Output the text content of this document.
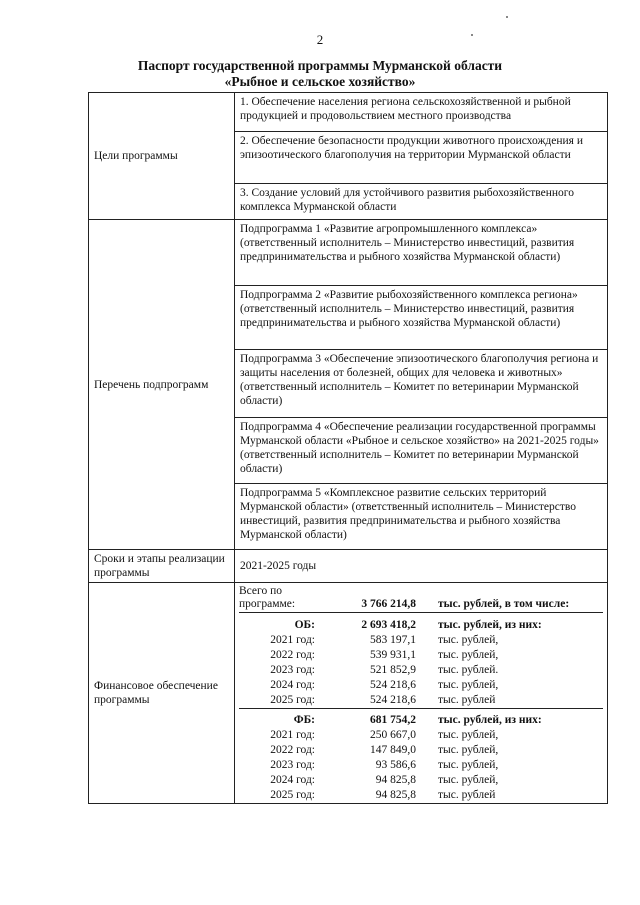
2
Паспорт государственной программы Мурманской области
«Рыбное и сельское хозяйство»
Цели программы	1. Обеспечение населения региона сельскохозяйственной и рыбной продукцией и продовольствием местного производства
2. Обеспечение безопасности продукции животного происхождения и эпизоотического благополучия на территории Мурманской области
3. Создание условий для устойчивого развития рыбохозяйственного комплекса Мурманской области
Перечень подпрограмм	Подпрограмма 1 «Развитие агропромышленного комплекса» (ответственный исполнитель – Министерство инвестиций, развития предпринимательства и рыбного хозяйства Мурманской области)
Подпрограмма 2 «Развитие рыбохозяйственного комплекса региона» (ответственный исполнитель – Министерство инвестиций, развития предпринимательства и рыбного хозяйства Мурманской области)
Подпрограмма 3 «Обеспечение эпизоотического благополучия региона и защиты населения от болезней, общих для человека и животных» (ответственный исполнитель – Комитет по ветеринарии Мурманской области)
Подпрограмма 4 «Обеспечение реализации государственной программы Мурманской области «Рыбное и сельское хозяйство» на 2021-2025 годы» (ответственный исполнитель – Комитет по ветеринарии Мурманской области)
Подпрограмма 5 «Комплексное развитие сельских территорий Мурманской области» (ответственный исполнитель – Министерство инвестиций, развития предпринимательства и рыбного хозяйства Мурманской области)
Сроки и этапы реализации программы	2021-2025 годы
Финансовое обеспечение программы	
Всего по программе:	3 766 214,8	тыс. рублей, в том числе:
ОБ:	2 693 418,2	тыс. рублей, из них:
2021 год:	583 197,1	тыс. рублей,
2022 год:	539 931,1	тыс. рублей,
2023 год:	521 852,9	тыс. рублей.
2024 год:	524 218,6	тыс. рублей,
2025 год:	524 218,6	тыс. рублей
ФБ:	681 754,2	тыс. рублей, из них:
2021 год:	250 667,0	тыс. рублей,
2022 год:	147 849,0	тыс. рублей,
2023 год:	93 586,6	тыс. рублей,
2024 год:	94 825,8	тыс. рублей,
2025 год:	94 825,8	тыс. рублей
